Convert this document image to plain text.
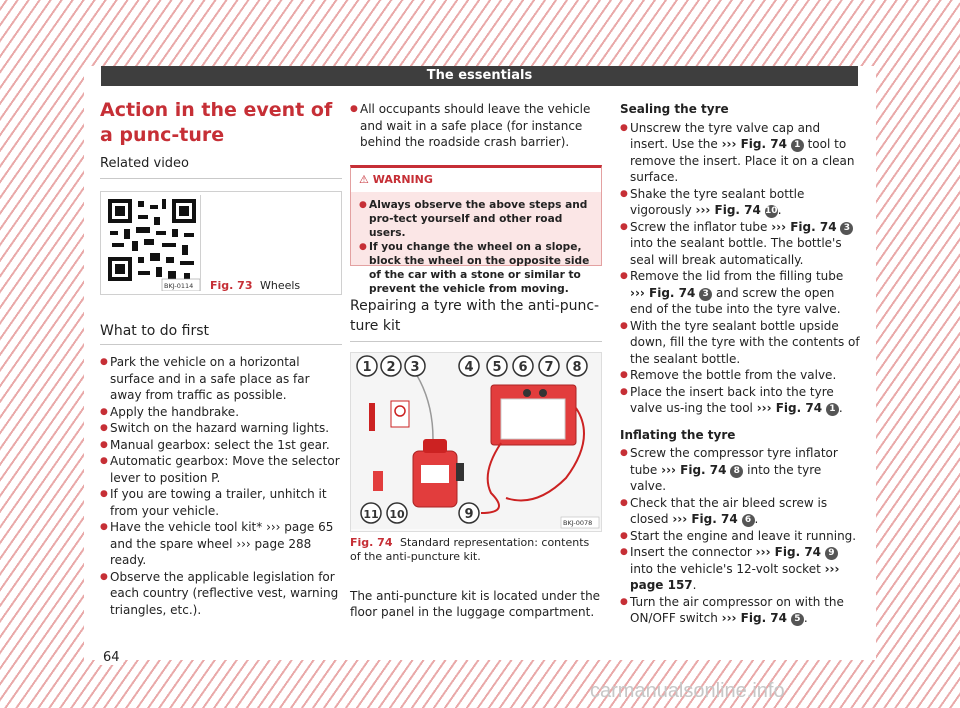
The essentials
Action in the event of a punc-ture
Related video
BKJ-0114	Fig. 73 Wheels
What to do first
● Park the vehicle on a horizontal surface and in a safe place as far away from traffic as possible.
● Apply the handbrake.
● Switch on the hazard warning lights.
● Manual gearbox: select the 1st gear.
● Automatic gearbox: Move the selector lever to position P.
● If you are towing a trailer, unhitch it from your vehicle.
● Have the vehicle tool kit* ››› page 65 and the spare wheel ››› page 288 ready.
● Observe the applicable legislation for each country (reflective vest, warning triangles, etc.).
● All occupants should leave the vehicle and wait in a safe place (for instance behind the roadside crash barrier).
⚠ WARNING
● Always observe the above steps and pro-tect yourself and other road users.
● If you change the wheel on a slope, block the wheel on the opposite side of the car with a stone or similar to prevent the vehicle from moving.
Repairing a tyre with the anti-punc-ture kit
1 2 3	4 5 6 7 8
9
10
11
BKJ-0078
Fig. 74 Standard representation: contents of the anti-puncture kit.
The anti-puncture kit is located under the floor panel in the luggage compartment.
Sealing the tyre
● Unscrew the tyre valve cap and insert. Use the ››› Fig. 74 1 tool to remove the insert. Place it on a clean surface.
● Shake the tyre sealant bottle vigorously ››› Fig. 74 10.
● Screw the inflator tube ››› Fig. 74 3 into the sealant bottle. The bottle's seal will break automatically.
● Remove the lid from the filling tube ››› Fig. 74 3 and screw the open end of the tube into the tyre valve.
● With the tyre sealant bottle upside down, fill the tyre with the contents of the sealant bottle.
● Remove the bottle from the valve.
● Place the insert back into the tyre valve us-ing the tool ››› Fig. 74 1 .
Inflating the tyre
● Screw the compressor tyre inflator tube ››› Fig. 74 8 into the tyre valve.
● Check that the air bleed screw is closed ››› Fig. 74 6 .
● Start the engine and leave it running.
● Insert the connector ››› Fig. 74 9 into the vehicle's 12-volt socket ››› page 157.
● Turn the air compressor on with the ON/OFF switch ››› Fig. 74 5 .
64
carmanualsonline.info
